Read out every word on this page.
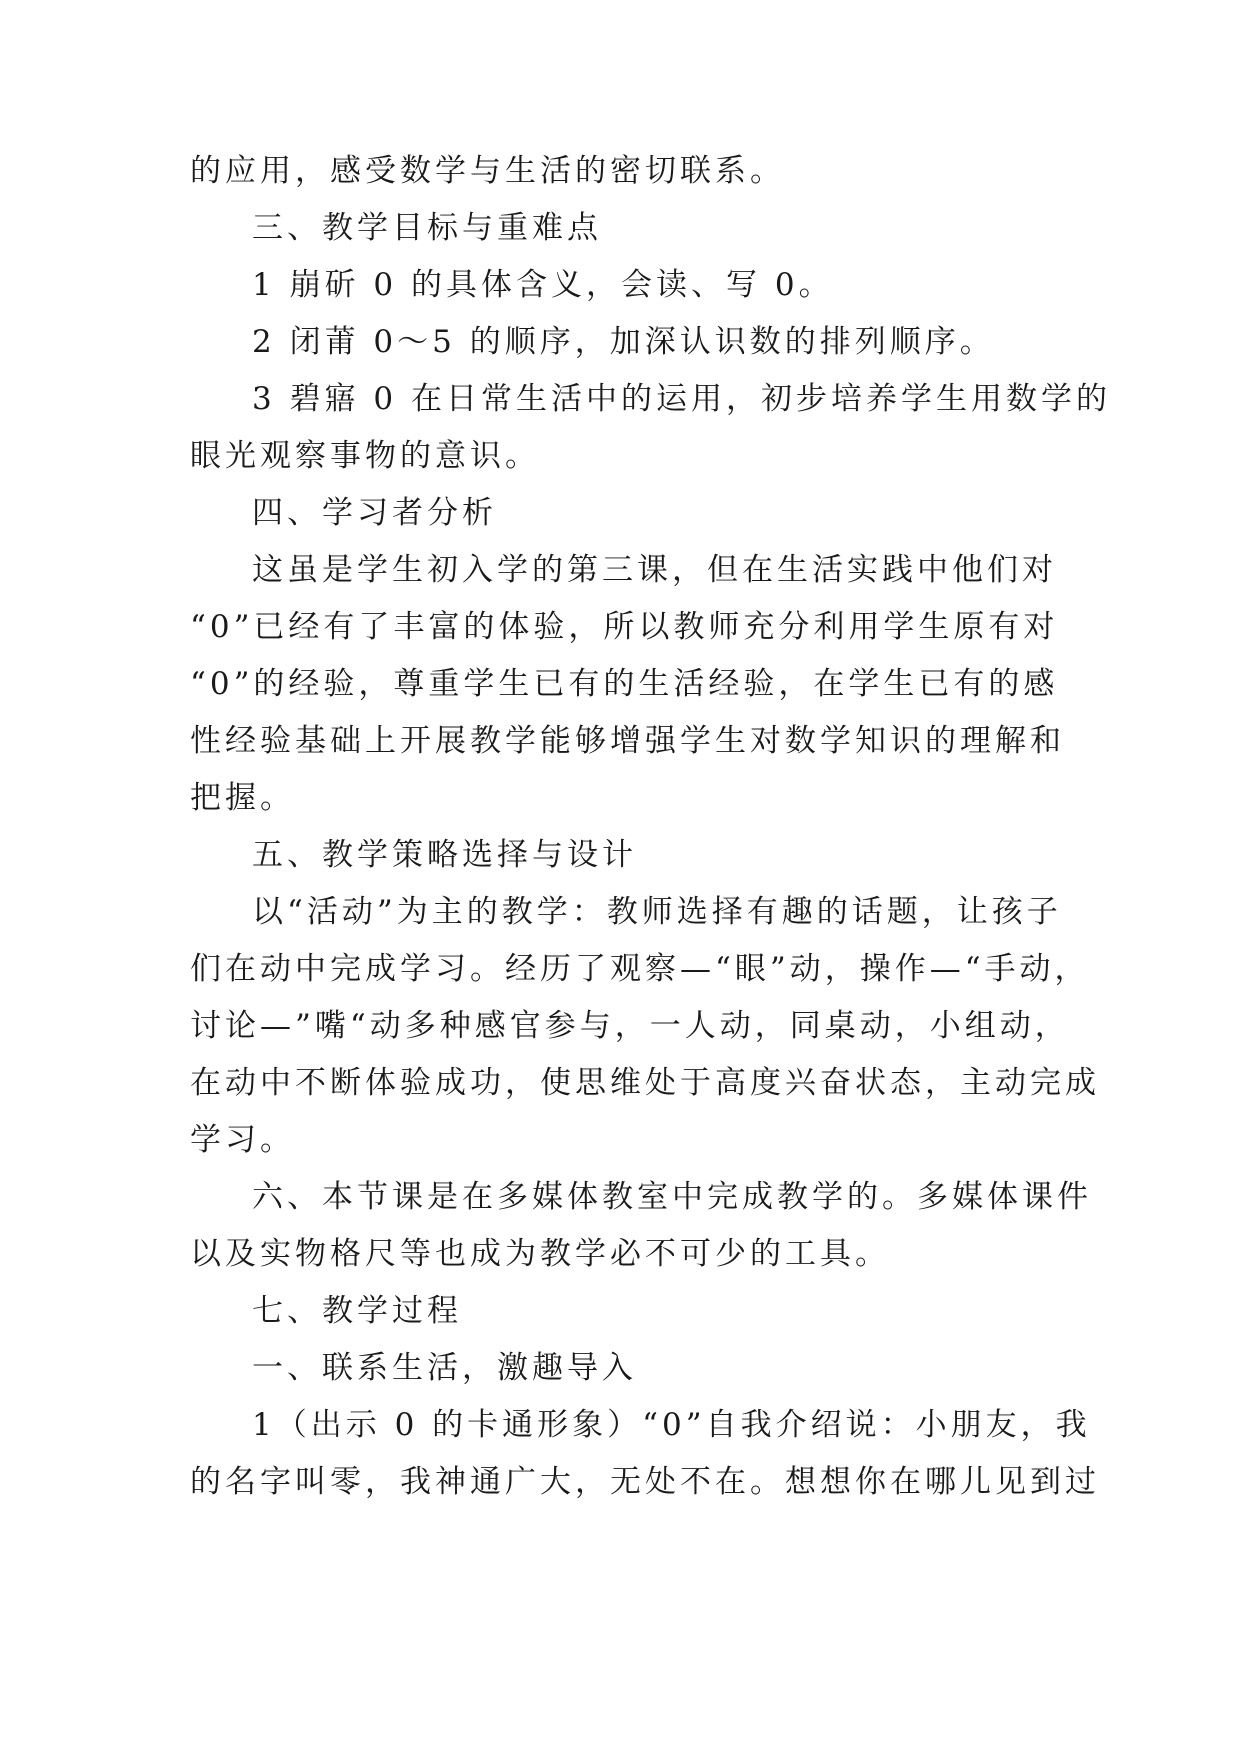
的应用，感受数学与生活的密切联系。

三、教学目标与重难点

1 崩斫 0 的具体含义，会读、写 0。

2 闭莆 0～5 的顺序，加深认识数的排列顺序。

3 碧寤 0 在日常生活中的运用，初步培养学生用数学的

眼光观察事物的意识。

四、学习者分析

这虽是学生初入学的第三课，但在生活实践中他们对

“0”已经有了丰富的体验，所以教师充分利用学生原有对

“0”的经验，尊重学生已有的生活经验，在学生已有的感

性经验基础上开展教学能够增强学生对数学知识的理解和

把握。

五、教学策略选择与设计

以“活动”为主的教学：教师选择有趣的话题，让孩子

们在动中完成学习。经历了观察—“眼”动，操作—“手动，

讨论—”嘴“动多种感官参与，一人动，同桌动，小组动，

在动中不断体验成功，使思维处于高度兴奋状态，主动完成

学习。

六、本节课是在多媒体教室中完成教学的。多媒体课件

以及实物格尺等也成为教学必不可少的工具。

七、教学过程

一、联系生活，激趣导入

1（出示 0 的卡通形象）“0”自我介绍说：小朋友，我

的名字叫零，我神通广大，无处不在。想想你在哪儿见到过
